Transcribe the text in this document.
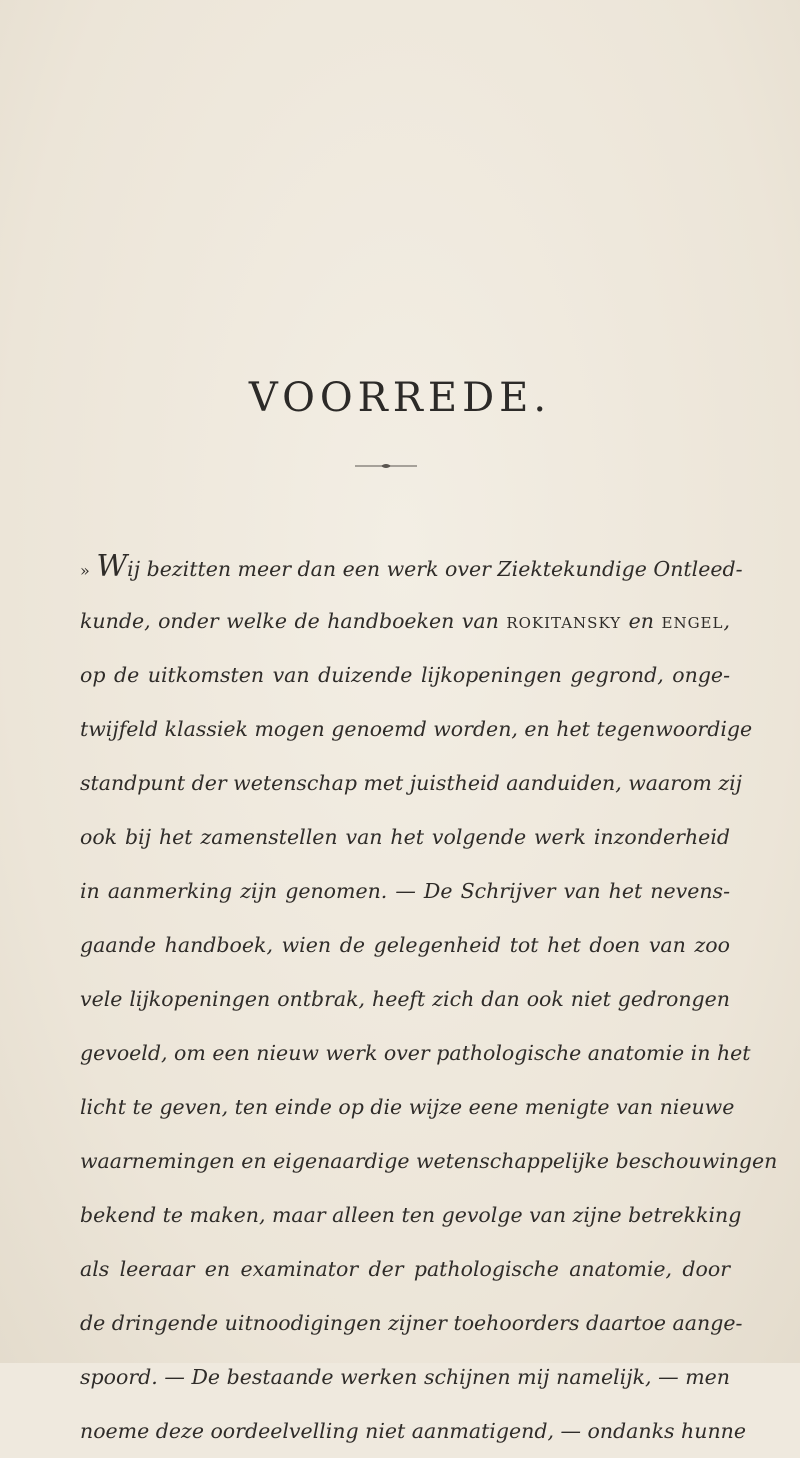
VOORREDE.
» Wij bezitten meer dan een werk over Ziektekundige Ontleed-
kunde, onder welke de handboeken van ROKITANSKY en ENGEL,
op de uitkomsten van duizende lijkopeningen gegrond, onge-
twijfeld klassiek mogen genoemd worden, en het tegenwoordige
standpunt der wetenschap met juistheid aanduiden, waarom zij
ook bij het zamenstellen van het volgende werk inzonderheid
in aanmerking zijn genomen. — De Schrijver van het nevens-
gaande handboek, wien de gelegenheid tot het doen van zoo
vele lijkopeningen ontbrak, heeft zich dan ook niet gedrongen
gevoeld, om een nieuw werk over pathologische anatomie in het
licht te geven, ten einde op die wijze eene menigte van nieuwe
waarnemingen en eigenaardige wetenschappelijke beschouwingen
bekend te maken, maar alleen ten gevolge van zijne betrekking
als leeraar en examinator der pathologische anatomie, door
de dringende uitnoodigingen zijner toehoorders daartoe aange-
spoord. — De bestaande werken schijnen mij namelijk, — men
noeme deze oordeelvelling niet aanmatigend, — ondanks hunne
